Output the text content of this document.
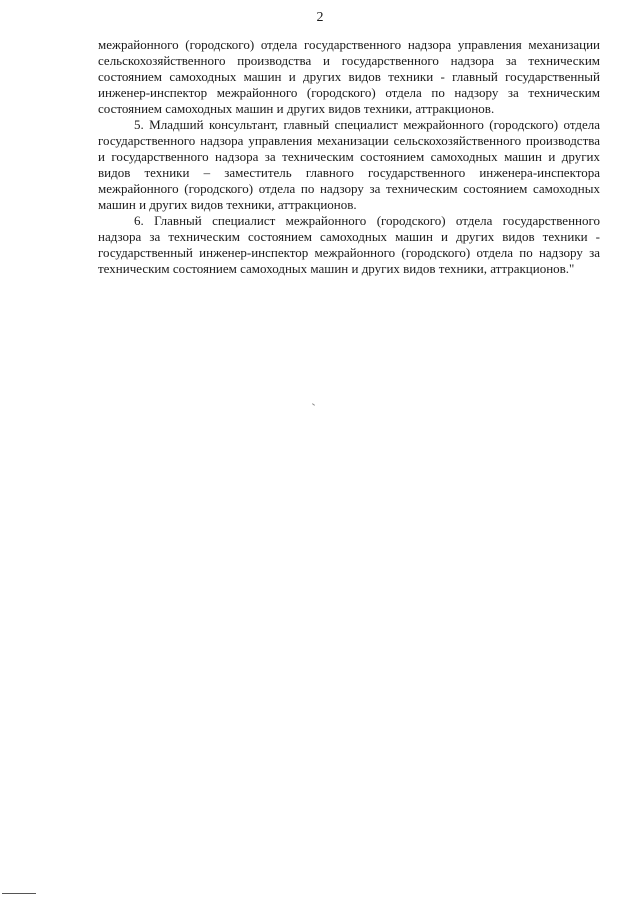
2

межрайонного (городского) отдела государственного надзора управления механизации сельскохозяйственного производства и государственного надзора за техническим состоянием самоходных машин и других видов техники - главный государственный инженер-инспектор межрайонного (городского) отдела по надзору за техническим состоянием самоходных машин и других видов техники, аттракционов.

5. Младший консультант, главный специалист межрайонного (городского) отдела государственного надзора управления механизации сельскохозяйственного производства и государственного надзора за техническим состоянием самоходных машин и других видов техники – заместитель главного государственного инженера-инспектора межрайонного (городского) отдела по надзору за техническим состоянием самоходных машин и других видов техники, аттракционов.

6. Главный специалист межрайонного (городского) отдела государственного надзора за техническим состоянием самоходных машин и других видов техники - государственный инженер-инспектор межрайонного (городского) отдела по надзору за техническим состоянием самоходных машин и других видов техники, аттракционов."
